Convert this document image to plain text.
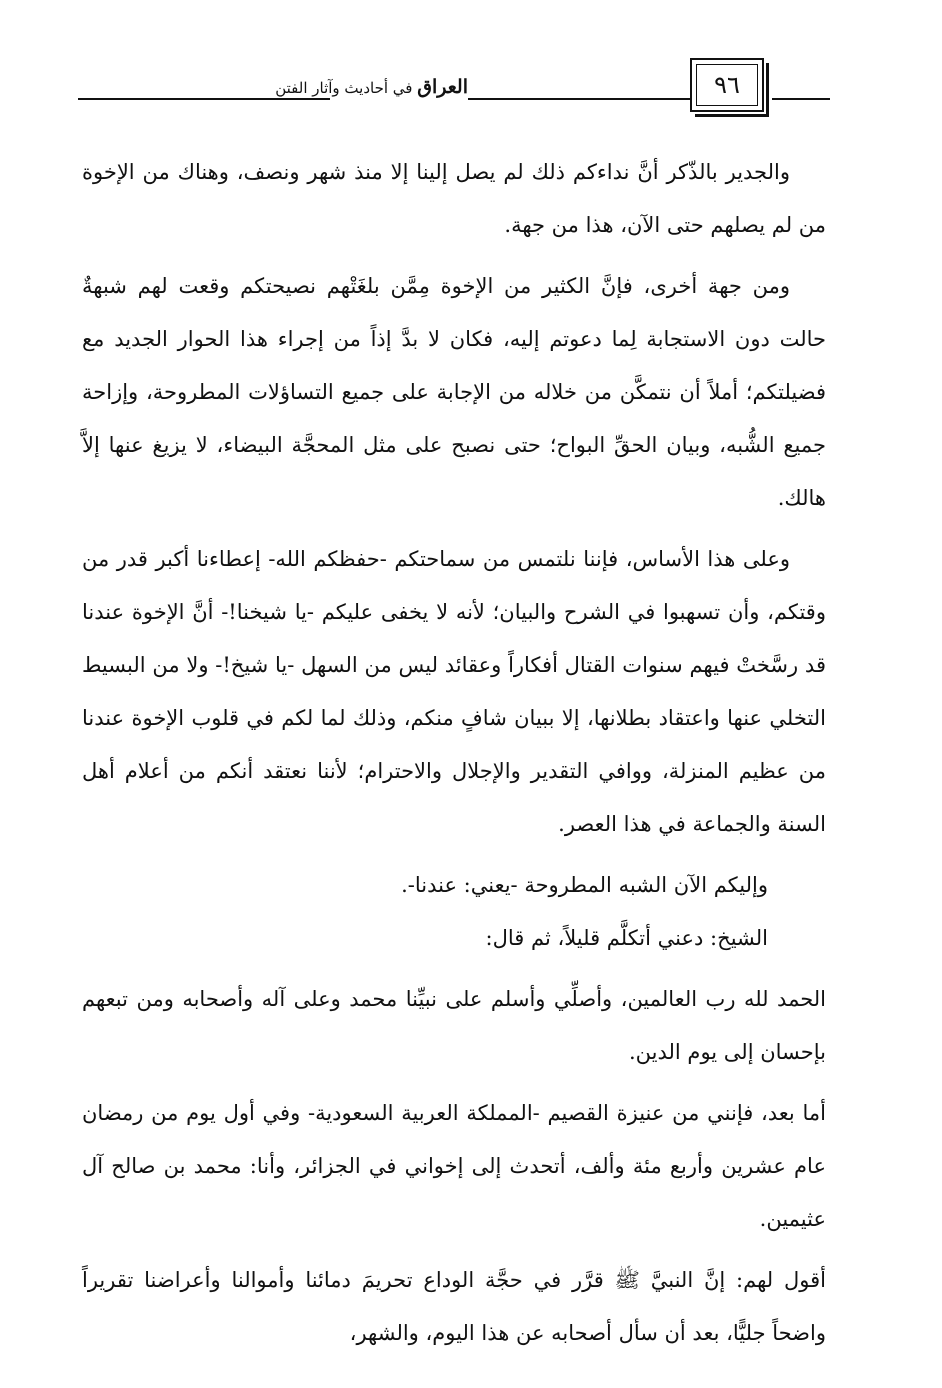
العراق في أحاديث وآثار الفتن	٩٦

والجدير بالذّكر أنَّ نداءكم ذلك لم يصل إلينا إلا منذ شهر ونصف، وهناك من الإخوة من لم يصلهم حتى الآن، هذا من جهة.

ومن جهة أخرى، فإنَّ الكثير من الإخوة مِمَّن بلغَتْهم نصيحتكم وقعت لهم شبهةٌ حالت دون الاستجابة لِما دعوتم إليه، فكان لا بدَّ إذاً من إجراء هذا الحوار الجديد مع فضيلتكم؛ أملاً أن نتمكَّن من خلاله من الإجابة على جميع التساؤلات المطروحة، وإزاحة جميع الشُّبه، وبيان الحقِّ البواح؛ حتى نصبح على مثل المحجَّة البيضاء، لا يزيغ عنها إلاَّ هالك.

وعلى هذا الأساس، فإننا نلتمس من سماحتكم -حفظكم الله- إعطاءنا أكبر قدر من وقتكم، وأن تسهبوا في الشرح والبيان؛ لأنه لا يخفى عليكم -يا شيخنا!- أنَّ الإخوة عندنا قد رسَّختْ فيهم سنوات القتال أفكاراً وعقائد ليس من السهل -يا شيخ!- ولا من البسيط التخلي عنها واعتقاد بطلانها، إلا ببيان شافٍ منكم، وذلك لما لكم في قلوب الإخوة عندنا من عظيم المنزلة، ووافي التقدير والإجلال والاحترام؛ لأننا نعتقد أنكم من أعلام أهل السنة والجماعة في هذا العصر.

وإليكم الآن الشبه المطروحة -يعني: عندنا-.

الشيخ: دعني أتكلَّم قليلاً، ثم قال:

الحمد لله رب العالمين، وأصلِّي وأسلم على نبيِّنا محمد وعلى آله وأصحابه ومن تبعهم بإحسان إلى يوم الدين.

أما بعد، فإنني من عنيزة القصيم -المملكة العربية السعودية- وفي أول يوم من رمضان عام عشرين وأربع مئة وألف، أتحدث إلى إخواني في الجزائر، وأنا: محمد بن صالح آل عثيمين.

أقول لهم: إنَّ النبيَّ ﷺ قرَّر في حجَّة الوداع تحريمَ دمائنا وأموالنا وأعراضنا تقريراً واضحاً جليًّا، بعد أن سأل أصحابه عن هذا اليوم، والشهر،
